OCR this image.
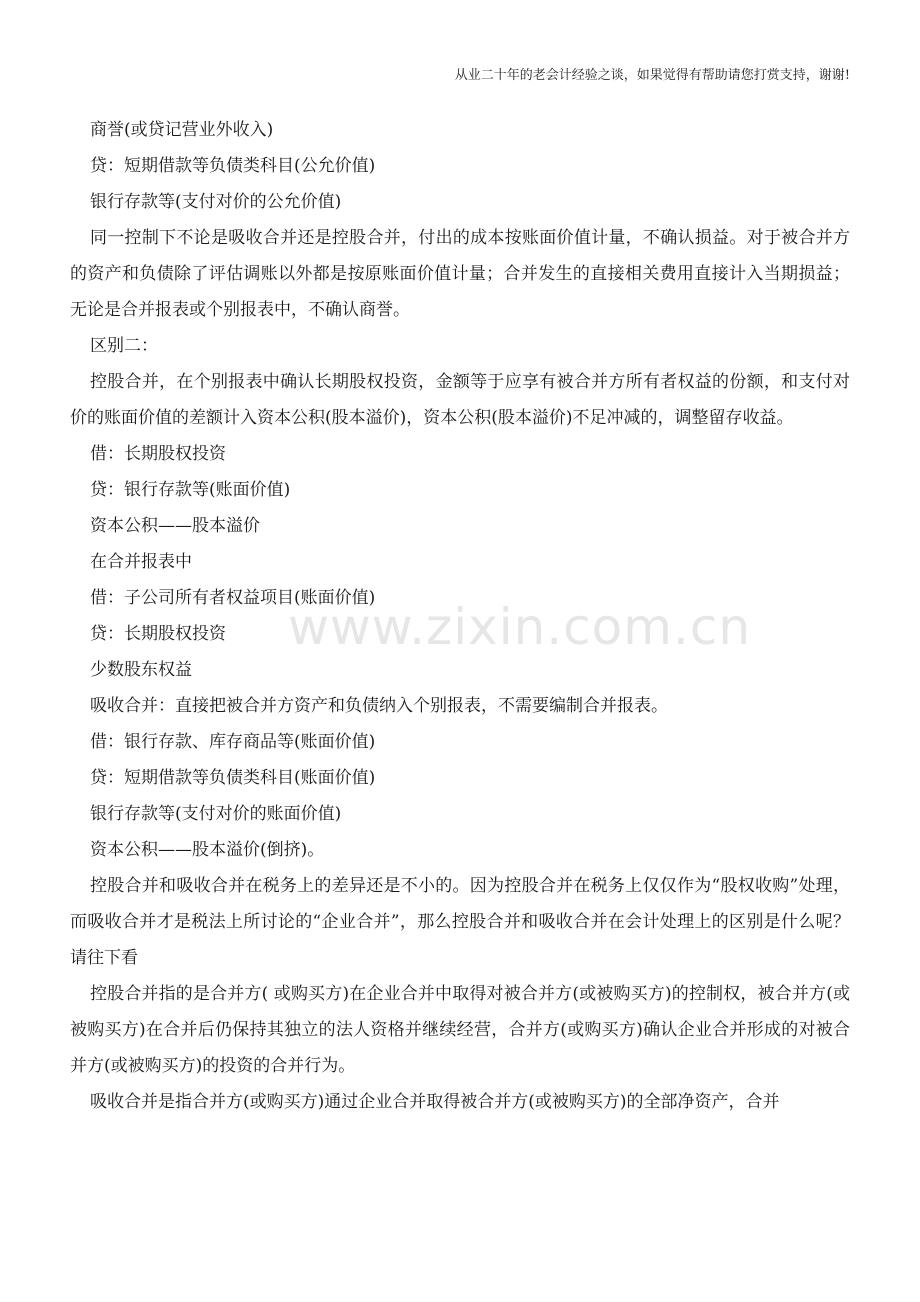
从业二十年的老会计经验之谈，如果觉得有帮助请您打赏支持，谢谢!
www.zixin.com.cn

商誉(或贷记营业外收入)

贷：短期借款等负债类科目(公允价值)

银行存款等(支付对价的公允价值)

同一控制下不论是吸收合并还是控股合并，付出的成本按账面价值计量，不确认损益。对于被合并方的资产和负债除了评估调账以外都是按原账面价值计量；合并发生的直接相关费用直接计入当期损益；无论是合并报表或个别报表中，不确认商誉。

区别二：

控股合并，在个别报表中确认长期股权投资，金额等于应享有被合并方所有者权益的份额，和支付对价的账面价值的差额计入资本公积(股本溢价)，资本公积(股本溢价)不足冲减的，调整留存收益。

借：长期股权投资

贷：银行存款等(账面价值)

资本公积——股本溢价

在合并报表中

借：子公司所有者权益项目(账面价值)

贷：长期股权投资

少数股东权益

吸收合并：直接把被合并方资产和负债纳入个别报表，不需要编制合并报表。

借：银行存款、库存商品等(账面价值)

贷：短期借款等负债类科目(账面价值)

银行存款等(支付对价的账面价值)

资本公积——股本溢价(倒挤)。

控股合并和吸收合并在税务上的差异还是不小的。因为控股合并在税务上仅仅作为“股权收购”处理，而吸收合并才是税法上所讨论的“企业合并”，那么控股合并和吸收合并在会计处理上的区别是什么呢？请往下看

控股合并指的是合并方( 或购买方)在企业合并中取得对被合并方(或被购买方)的控制权，被合并方(或被购买方)在合并后仍保持其独立的法人资格并继续经营，合并方(或购买方)确认企业合并形成的对被合并方(或被购买方)的投资的合并行为。

吸收合并是指合并方(或购买方)通过企业合并取得被合并方(或被购买方)的全部净资产，合并
